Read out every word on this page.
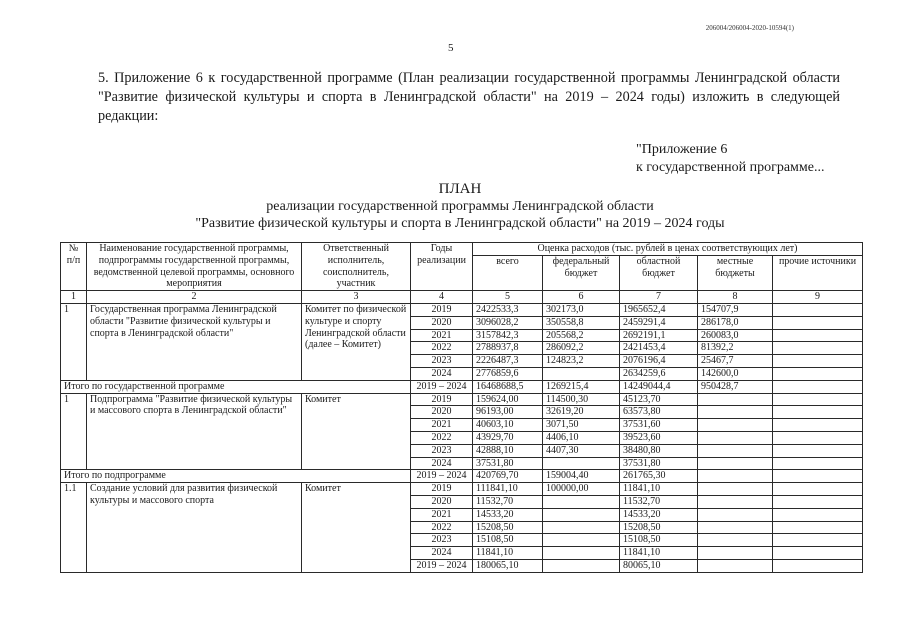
206004/206004-2020-10594(1)
5
5. Приложение 6 к государственной программе (План реализации государственной программы Ленинградской области "Развитие физической культуры и спорта в Ленинградской области" на 2019 – 2024 годы) изложить в следующей редакции:
"Приложение 6
к государственной программе...
ПЛАН
реализации государственной программы Ленинградской области
"Развитие физической культуры и спорта в Ленинградской области" на 2019 – 2024 годы
№ п/п	Наименование государственной программы, подпрограммы государственной программы, ведомственной целевой программы, основного мероприятия	Ответственный исполнитель, соисполнитель, участник	Годы реализации	Оценка расходов (тыс. рублей в ценах соответствующих лет)				
				всего	федеральный бюджет	областной бюджет	местные бюджеты	прочие источники
1	2	3	4	5	6	7	8	9
1	Государственная программа Ленинградской области "Развитие физической культуры и спорта в Ленинградской области"	Комитет по физической культуре и спорту Ленинградской области (далее – Комитет)	2019	2422533,3	302173,0	1965652,4	154707,9	
			2020	3096028,2	350558,8	2459291,4	286178,0	
			2021	3157842,3	205568,2	2692191,1	260083,0	
			2022	2788937,8	286092,2	2421453,4	81392,2	
			2023	2226487,3	124823,2	2076196,4	25467,7	
			2024	2776859,6		2634259,6	142600,0	
Итого по государственной программе			2019 – 2024	16468688,5	1269215,4	14249044,4	950428,7	
1	Подпрограмма "Развитие физической культуры и массового спорта в Ленинградской области"	Комитет	2019	159624,00	114500,30	45123,70		
			2020	96193,00	32619,20	63573,80		
			2021	40603,10	3071,50	37531,60		
			2022	43929,70	4406,10	39523,60		
			2023	42888,10	4407,30	38480,80		
			2024	37531,80		37531,80		
Итого по подпрограмме			2019 – 2024	420769,70	159004,40	261765,30		
1.1	Создание условий для развития физической культуры и массового спорта	Комитет	2019	111841,10	100000,00	11841,10		
			2020	11532,70		11532,70		
			2021	14533,20		14533,20		
			2022	15208,50		15208,50		
			2023	15108,50		15108,50		
			2024	11841,10		11841,10		
			2019 – 2024	180065,10		80065,10		
